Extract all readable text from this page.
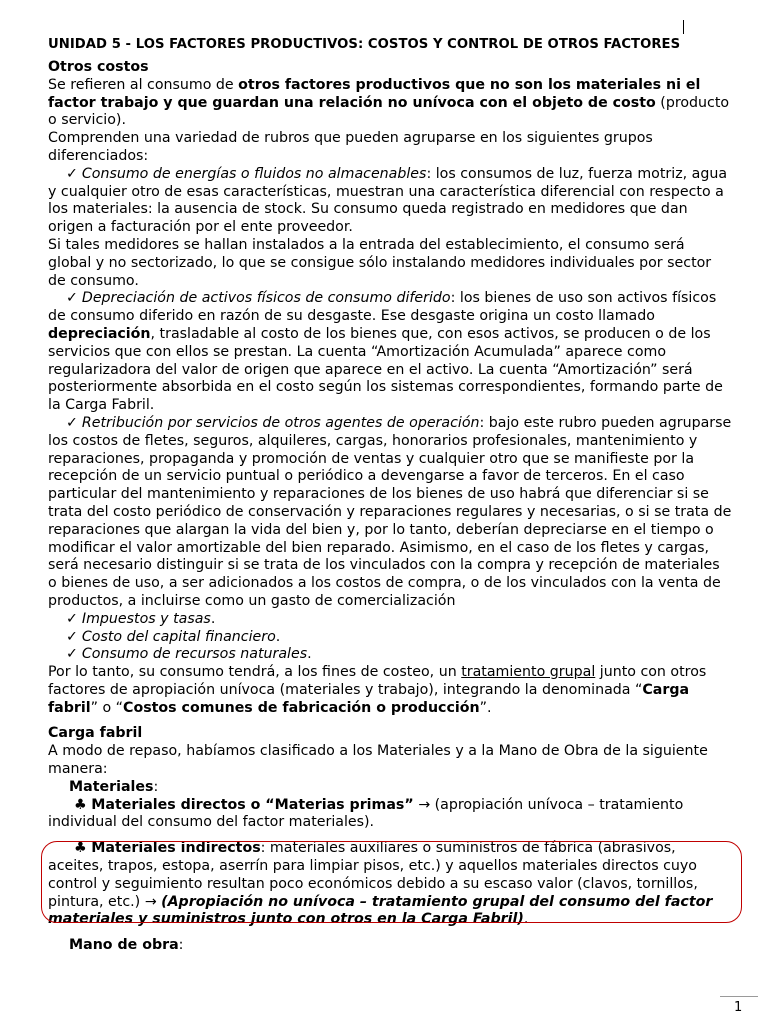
UNIDAD 5 - LOS FACTORES PRODUCTIVOS: COSTOS Y CONTROL DE OTROS FACTORES

Otros costos

Se refieren al consumo de otros factores productivos que no son los materiales ni el factor trabajo y que guardan una relación no unívoca con el objeto de costo (producto o servicio).

Comprenden una variedad de rubros que pueden agruparse en los siguientes grupos diferenciados:

✓ Consumo de energías o fluidos no almacenables: los consumos de luz, fuerza motriz, agua y cualquier otro de esas características, muestran una característica diferencial con respecto a los materiales: la ausencia de stock. Su consumo queda registrado en medidores que dan origen a facturación por el ente proveedor.

Si tales medidores se hallan instalados a la entrada del establecimiento, el consumo será global y no sectorizado, lo que se consigue sólo instalando medidores individuales por sector de consumo.

✓ Depreciación de activos físicos de consumo diferido: los bienes de uso son activos físicos de consumo diferido en razón de su desgaste. Ese desgaste origina un costo llamado depreciación, trasladable al costo de los bienes que, con esos activos, se producen o de los servicios que con ellos se prestan. La cuenta “Amortización Acumulada” aparece como regularizadora del valor de origen que aparece en el activo. La cuenta “Amortización” será posteriormente absorbida en el costo según los sistemas correspondientes, formando parte de la Carga Fabril.

✓ Retribución por servicios de otros agentes de operación: bajo este rubro pueden agruparse los costos de fletes, seguros, alquileres, cargas, honorarios profesionales, mantenimiento y reparaciones, propaganda y promoción de ventas y cualquier otro que se manifieste por la recepción de un servicio puntual o periódico a devengarse a favor de terceros. En el caso particular del mantenimiento y reparaciones de los bienes de uso habrá que diferenciar si se trata del costo periódico de conservación y reparaciones regulares y necesarias, o si se trata de reparaciones que alargan la vida del bien y, por lo tanto, deberían depreciarse en el tiempo o modificar el valor amortizable del bien reparado. Asimismo, en el caso de los fletes y cargas, será necesario distinguir si se trata de los vinculados con la compra y recepción de materiales o bienes de uso, a ser adicionados a los costos de compra, o de los vinculados con la venta de productos, a incluirse como un gasto de comercialización

✓ Impuestos y tasas.

✓ Costo del capital financiero.

✓ Consumo de recursos naturales.

Por lo tanto, su consumo tendrá, a los fines de costeo, un tratamiento grupal junto con otros factores de apropiación unívoca (materiales y trabajo), integrando la denominada “Carga fabril” o “Costos comunes de fabricación o producción”.

Carga fabril

A modo de repaso, habíamos clasificado a los Materiales y a la Mano de Obra de la siguiente manera:

Materiales:

♣ Materiales directos o “Materias primas” → (apropiación unívoca – tratamiento individual del consumo del factor materiales).

♣ Materiales indirectos: materiales auxiliares o suministros de fábrica (abrasivos, aceites, trapos, estopa, aserrín para limpiar pisos, etc.) y aquellos materiales directos cuyo control y seguimiento resultan poco económicos debido a su escaso valor (clavos, tornillos, pintura, etc.) → (Apropiación no unívoca – tratamiento grupal del consumo del factor materiales y suministros junto con otros en la Carga Fabril).

Mano de obra:

1
